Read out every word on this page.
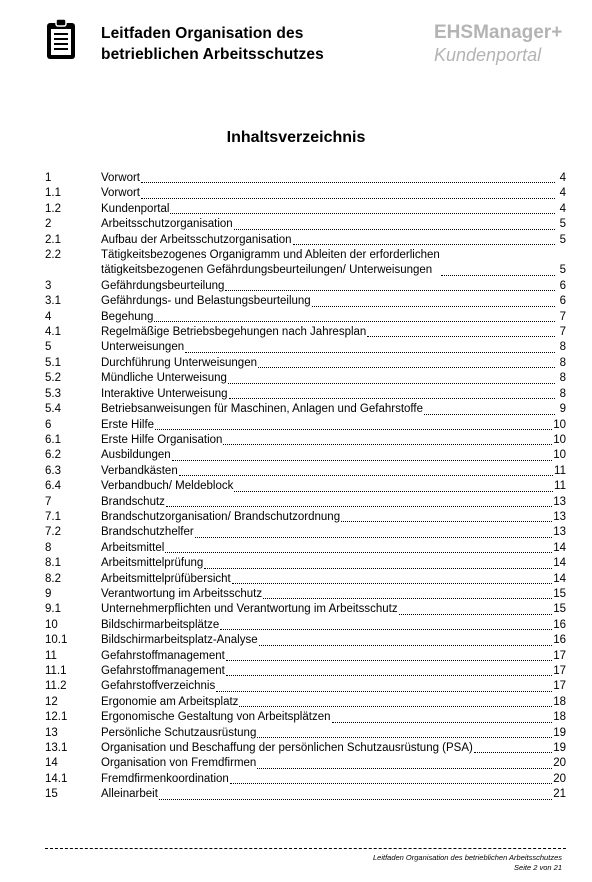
Leitfaden Organisation des
betrieblichen Arbeitsschutzes
EHSManager+
Kundenportal
Inhaltsverzeichnis
1	Vorwort	4
1.1	Vorwort	4
1.2	Kundenportal	4
2	Arbeitsschutzorganisation	5
2.1	Aufbau der Arbeitsschutzorganisation	5
2.2	Tätigkeitsbezogenes Organigramm und Ableiten der erforderlichen
tätigkeitsbezogenen Gefährdungsbeurteilungen/ Unterweisungen	5
3	Gefährdungsbeurteilung	6
3.1	Gefährdungs- und Belastungsbeurteilung	6
4	Begehung	7
4.1	Regelmäßige Betriebsbegehungen nach Jahresplan	7
5	Unterweisungen	8
5.1	Durchführung Unterweisungen	8
5.2	Mündliche Unterweisung	8
5.3	Interaktive Unterweisung	8
5.4	Betriebsanweisungen für Maschinen, Anlagen und Gefahrstoffe	9
6	Erste Hilfe	10
6.1	Erste Hilfe Organisation	10
6.2	Ausbildungen	10
6.3	Verbandkästen	11
6.4	Verbandbuch/ Meldeblock	11
7	Brandschutz	13
7.1	Brandschutzorganisation/ Brandschutzordnung	13
7.2	Brandschutzhelfer	13
8	Arbeitsmittel	14
8.1	Arbeitsmittelprüfung	14
8.2	Arbeitsmittelprüfübersicht	14
9	Verantwortung im Arbeitsschutz	15
9.1	Unternehmerpflichten und Verantwortung im Arbeitsschutz	15
10	Bildschirmarbeitsplätze	16
10.1	Bildschirmarbeitsplatz-Analyse	16
11	Gefahrstoffmanagement	17
11.1	Gefahrstoffmanagement	17
11.2	Gefahrstoffverzeichnis	17
12	Ergonomie am Arbeitsplatz	18
12.1	Ergonomische Gestaltung von Arbeitsplätzen	18
13	Persönliche Schutzausrüstung	19
13.1	Organisation und Beschaffung der persönlichen Schutzausrüstung (PSA)	19
14	Organisation von Fremdfirmen	20
14.1	Fremdfirmenkoordination	20
15	Alleinarbeit	21
Leitfaden Organisation des betrieblichen Arbeitsschutzes
Seite 2 von 21
